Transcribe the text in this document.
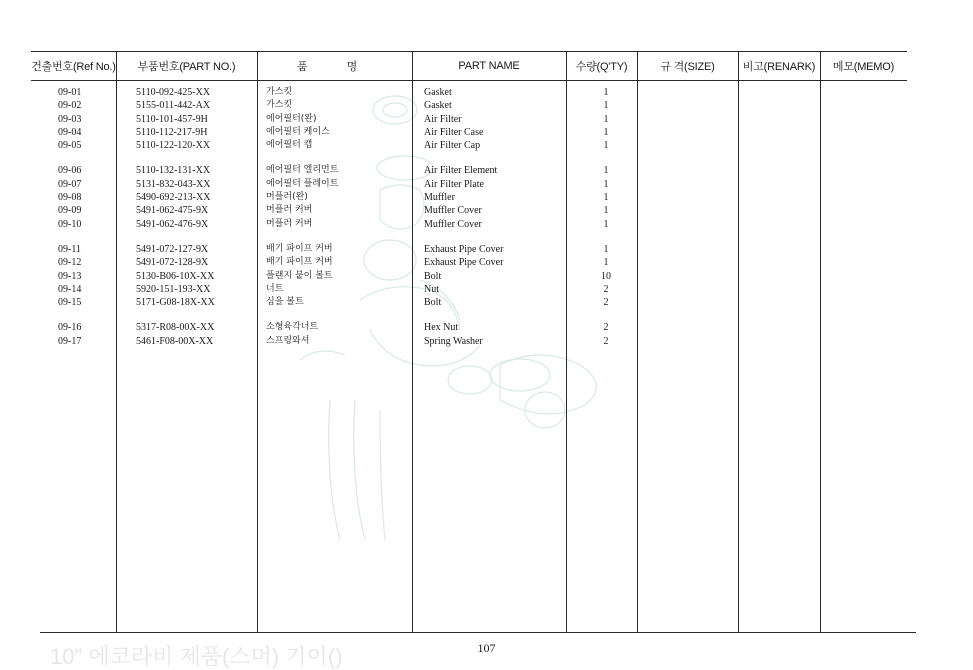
10" 에코라비 제품(스머) 기이()
건출번호(Ref No.)	부품번호(PART NO.)	품	명	PART NAME	수량(Q'TY)	규 격(SIZE)	비고(RENARK)	메모(MEMO)
09-01	5110-092-425-XX	가스킷	Gasket	1
09-02	5155-011-442-AX	가스킷	Gasket	1
09-03	5110-101-457-9H	에어필터(완)	Air Filter	1
09-04	5110-112-217-9H	에어필터 케이스	Air Filter Case	1
09-05	5110-122-120-XX	에어필터 캡	Air Filter Cap	1
09-06	5110-132-131-XX	에어필터 엘리먼트	Air Filter Element	1
09-07	5131-832-043-XX	에어필터 플레이트	Air Filter Plate	1
09-08	5490-692-213-XX	머플러(완)	Muffler	1
09-09	5491-062-475-9X	머플러 커버	Muffler Cover	1
09-10	5491-062-476-9X	머플러 커버	Muffler Cover	1
09-11	5491-072-127-9X	배기 파이프 커버	Exhaust Pipe Cover	1
09-12	5491-072-128-9X	배기 파이프 커버	Exhaust Pipe Cover	1
09-13	5130-B06-10X-XX	플랜지 붙이 볼트	Bolt	10
09-14	5920-151-193-XX	너트	Nut	2
09-15	5171-G08-18X-XX	심을 볼트	Bolt	2
09-16	5317-R08-00X-XX	소형육각너트	Hex Nut	2
09-17	5461-F08-00X-XX	스프링와셔	Spring Washer	2
107
